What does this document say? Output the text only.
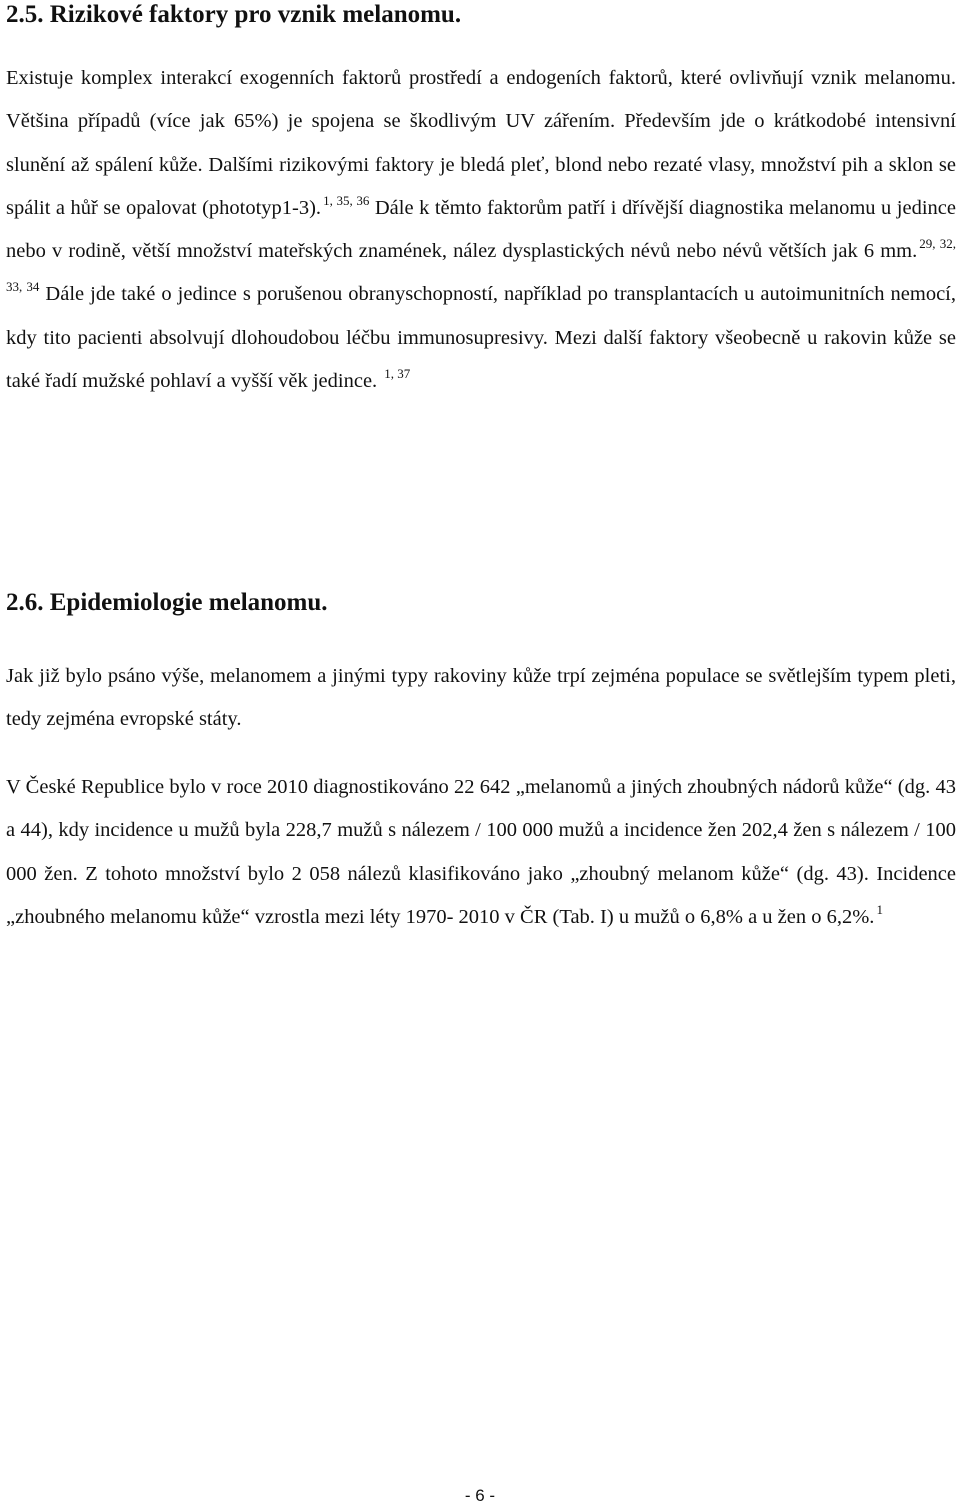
2.5. Rizikové faktory pro vznik melanomu.

Existuje komplex interakcí exogenních faktorů prostředí a endogeních faktorů, které ovlivňují vznik melanomu. Většina případů (více jak 65%) je spojena se škodlivým UV zářením. Především jde o krátkodobé intensivní slunění až spálení kůže. Dalšími rizikovými faktory je bledá pleť, blond nebo rezaté vlasy, množství pih a sklon se spálit a hůř se opalovat (phototyp1-3). $^{1, 35, 36}$ Dále k těmto faktorům patří i dřívější diagnostika melanomu u jedince nebo v rodině, větší množství mateřských znamének, nález dysplastických névů nebo névů větších jak 6 mm. $^{29, 32, 33, 34}$ Dále jde také o jedince s porušenou obranyschopností, například po transplantacích u autoimunitních nemocí, kdy tito pacienti absolvují dlohoudobou léčbu immunosupresivy. Mezi další faktory všeobecně u rakovin kůže se také řadí mužské pohlaví a vyšší věk jedince. $^{1, 37}$

2.6. Epidemiologie melanomu.

Jak již bylo psáno výše, melanomem a jinými typy rakoviny kůže trpí zejména populace se světlejším typem pleti, tedy zejména evropské státy.

V České Republice bylo v roce 2010 diagnostikováno 22 642 „melanomů a jiných zhoubných nádorů kůže“ (dg. 43 a 44), kdy incidence u mužů byla 228,7 mužů s nálezem / 100 000 mužů a incidence žen 202,4 žen s nálezem / 100 000 žen. Z tohoto množství bylo 2 058 nálezů klasifikováno jako „zhoubný melanom kůže“ (dg. 43). Incidence „zhoubného melanomu kůže“ vzrostla mezi léty 1970- 2010 v ČR (Tab. I) u mužů o 6,8% a u žen o 6,2%. $^1$

- 6 -
